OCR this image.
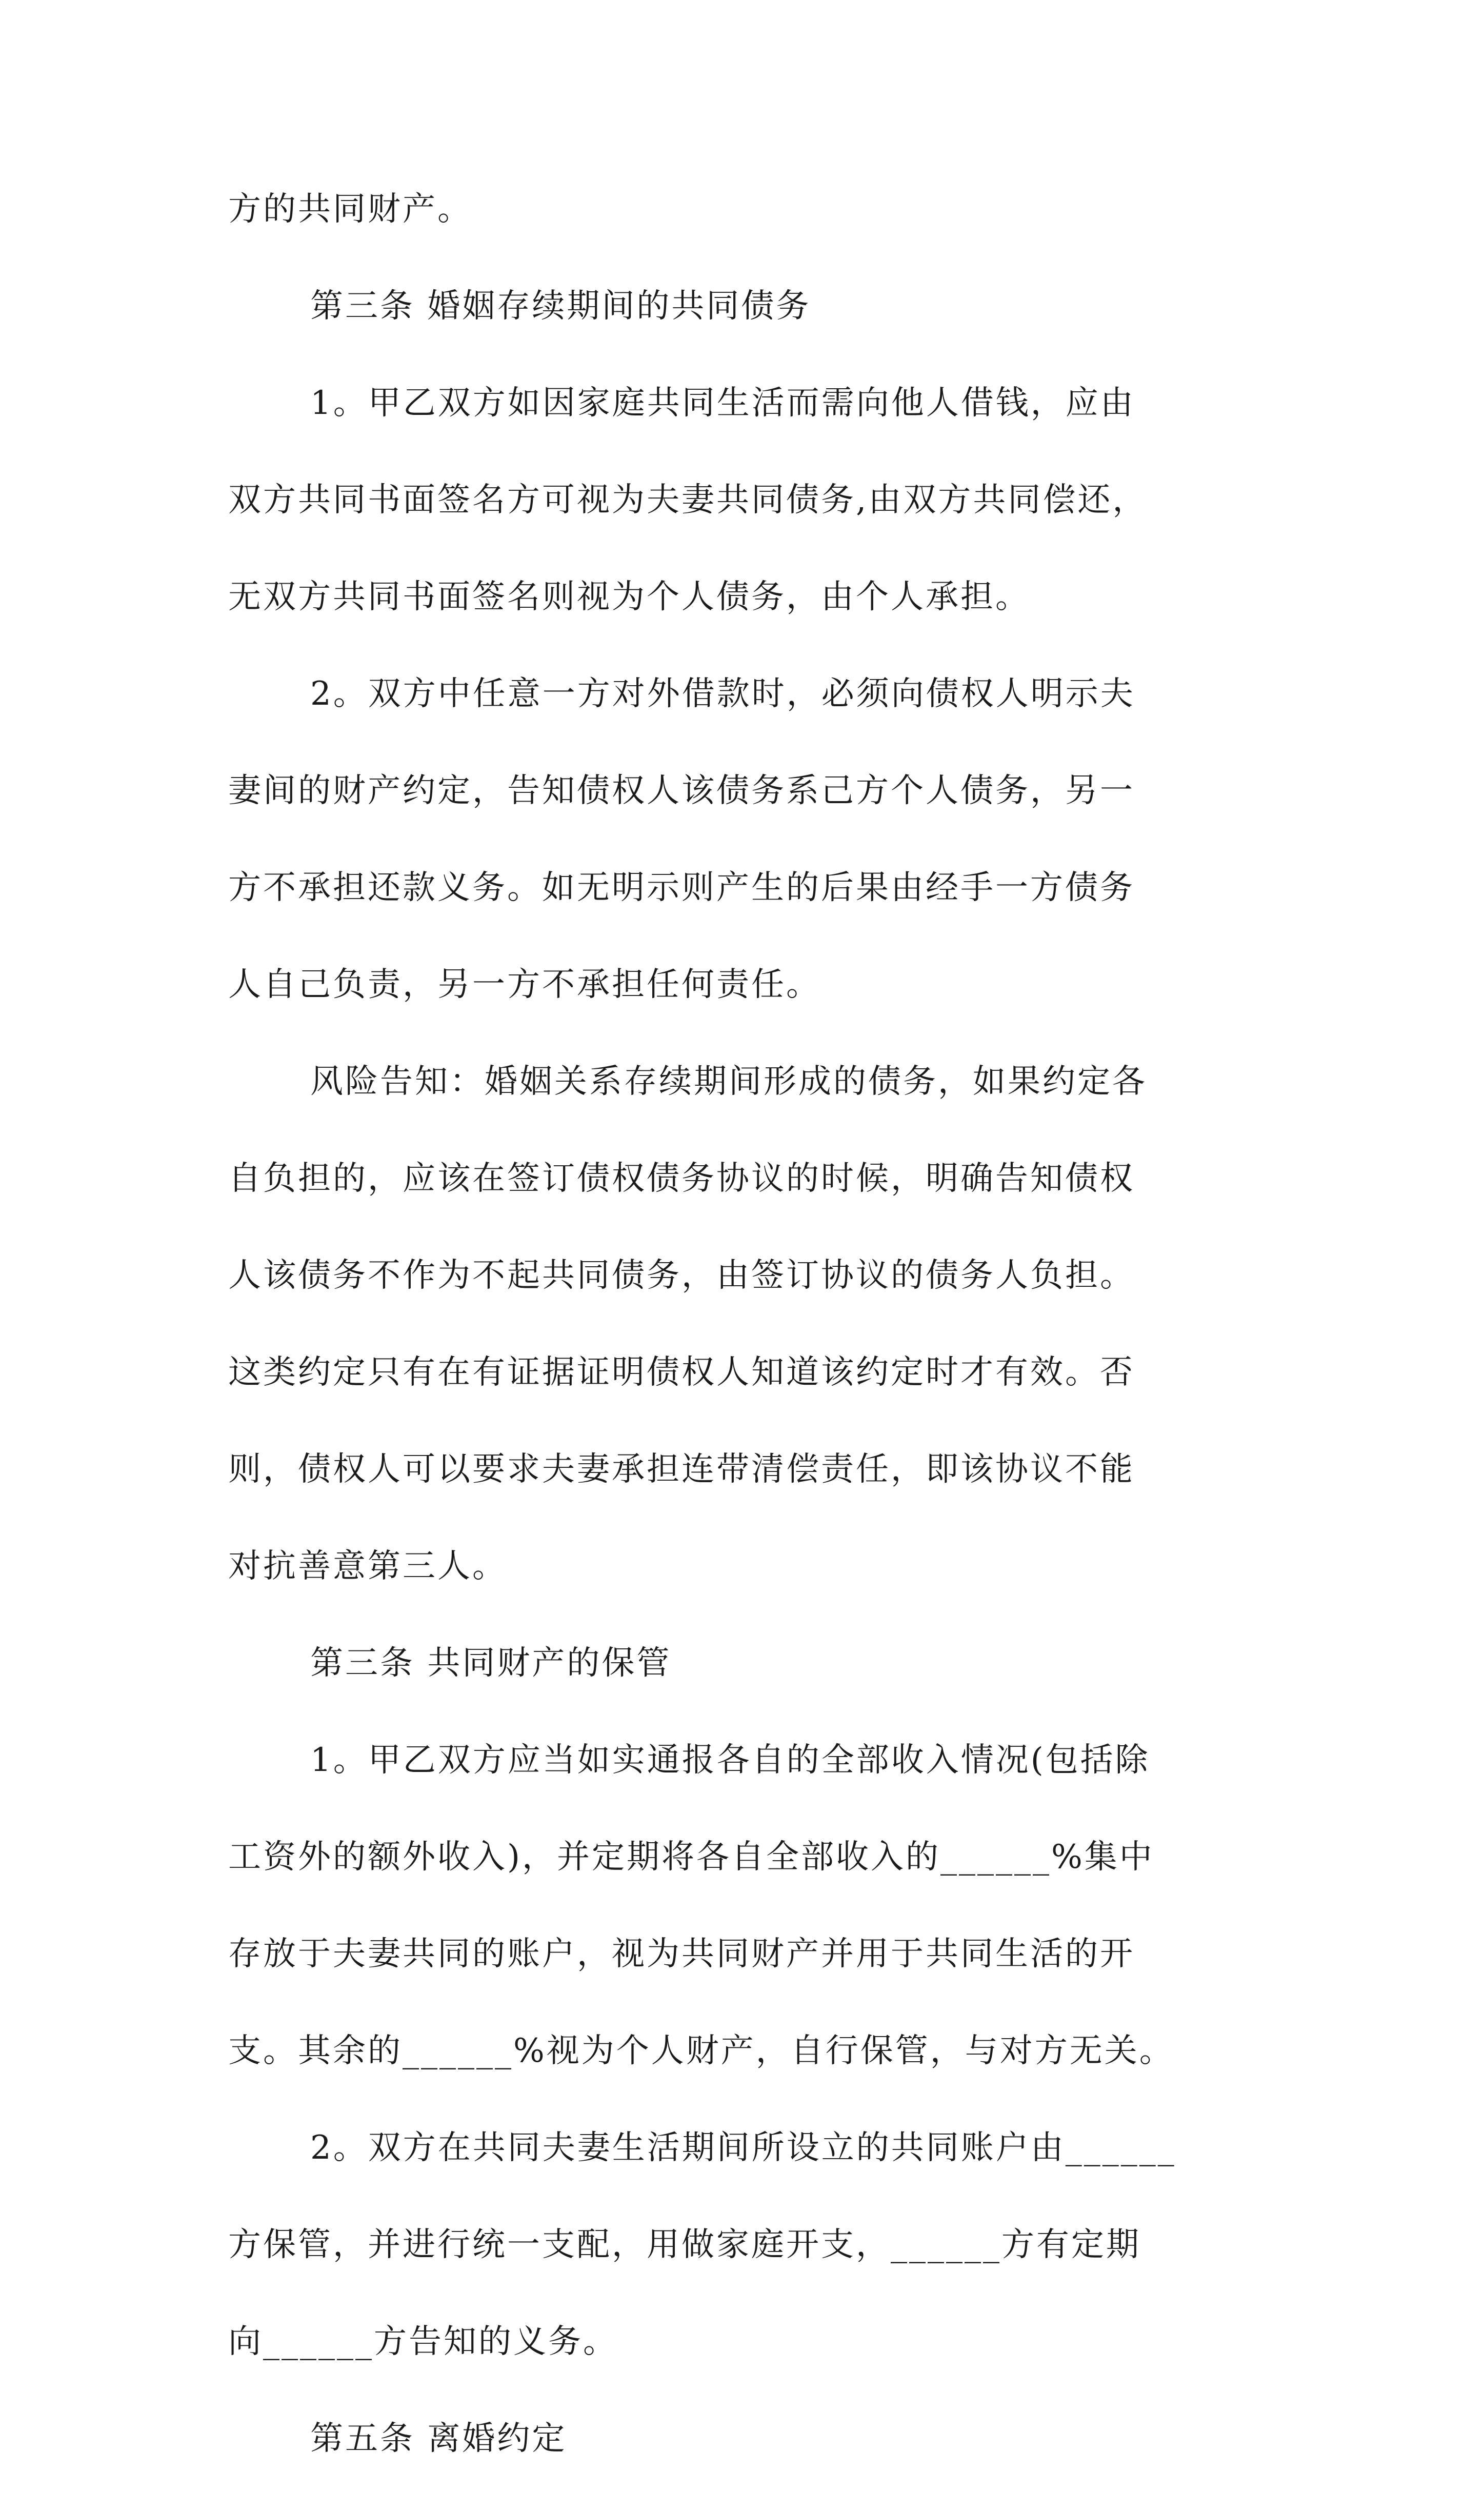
方的共同财产。
第三条 婚姻存续期间的共同债务
1。甲乙双方如因家庭共同生活而需向他人借钱，应由
双方共同书面签名方可视为夫妻共同债务,由双方共同偿还，
无双方共同书面签名则视为个人债务，由个人承担。
2。双方中任意一方对外借款时，必须向债权人明示夫
妻间的财产约定，告知债权人该债务系己方个人债务，另一
方不承担还款义务。如无明示则产生的后果由经手一方债务
人自己负责，另一方不承担任何责任。
风险告知：婚姻关系存续期间形成的债务，如果约定各
自负担的，应该在签订债权债务协议的时候，明确告知债权
人该债务不作为不起共同债务，由签订协议的债务人负担。
这类约定只有在有证据证明债权人知道该约定时才有效。否
则，债权人可以要求夫妻承担连带清偿责任，即该协议不能
对抗善意第三人。
第三条 共同财产的保管
1。甲乙双方应当如实通报各自的全部收入情况(包括除
工资外的额外收入)，并定期将各自全部收入的______%集中
存放于夫妻共同的账户，视为共同财产并用于共同生活的开
支。其余的______%视为个人财产，自行保管，与对方无关。
2。双方在共同夫妻生活期间所设立的共同账户由______
方保管，并进行统一支配，用做家庭开支，______方有定期
向______方告知的义务。
第五条 离婚约定
